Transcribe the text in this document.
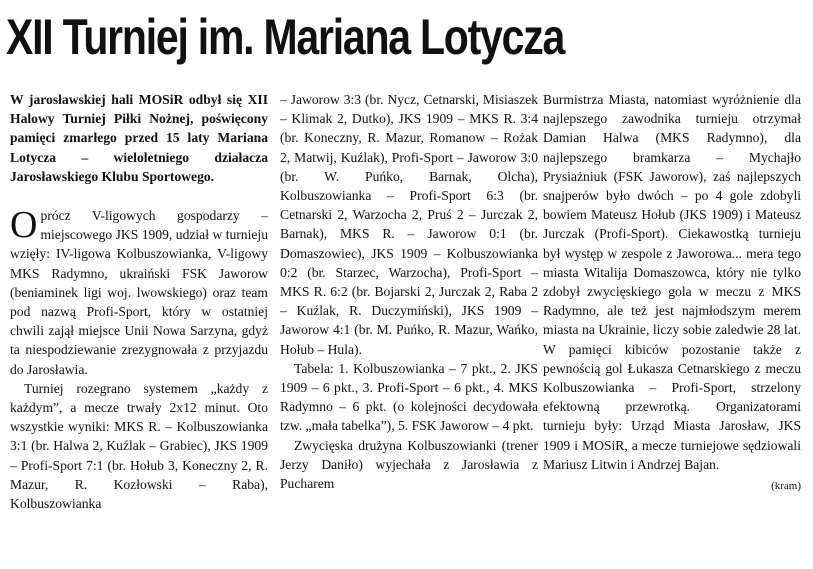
XII Turniej im. Mariana Lotycza

W jarosławskiej hali MOSiR odbył się XII Halowy Turniej Piłki Nożnej, poświęcony pamięci zmarłego przed 15 laty Mariana Lotycza – wieloletniego działacza Jarosławskiego Klubu Sportowego.

Oprócz V-ligowych gospodarzy – miejscowego JKS 1909, udział w turnieju wzięły: IV-ligowa Kolbuszowianka, V-ligowy MKS Radymno, ukraiński FSK Jaworow (beniaminek ligi woj. lwowskiego) oraz team pod nazwą Profi-Sport, który w ostatniej chwili zajął miejsce Unii Nowa Sarzyna, gdyż ta niespodziewanie zrezygnowała z przyjazdu do Jarosławia.

Turniej rozegrano systemem „każdy z każdym”, a mecze trwały 2x12 minut. Oto wszystkie wyniki: MKS R. – Kolbuszowianka 3:1 (br. Halwa 2, Kuźlak – Grabiec), JKS 1909 – Profi-Sport 7:1 (br. Hołub 3, Koneczny 2, R. Mazur, R. Kozłowski – Raba), Kolbuszowianka

– Jaworow 3:3 (br. Nycz, Cetnarski, Misiaszek – Klimak 2, Dutko), JKS 1909 – MKS R. 3:4 (br. Koneczny, R. Mazur, Romanow – Rożak 2, Matwij, Kuźlak), Profi-Sport – Jaworow 3:0 (br. W. Puńko, Barnak, Olcha), Kolbuszowianka – Profi-Sport 6:3 (br. Cetnarski 2, Warzocha 2, Pruś 2 – Jurczak 2, Barnak), MKS R. – Jaworow 0:1 (br. Domaszowiec), JKS 1909 – Kolbuszowianka 0:2 (br. Starzec, Warzocha), Profi-Sport – MKS R. 6:2 (br. Bojarski 2, Jurczak 2, Raba 2 – Kuźlak, R. Duczymiński), JKS 1909 – Jaworow 4:1 (br. M. Puńko, R. Mazur, Wańko, Hołub – Hula).

Tabela: 1. Kolbuszowianka – 7 pkt., 2. JKS 1909 – 6 pkt., 3. Profi-Sport – 6 pkt., 4. MKS Radymno – 6 pkt. (o kolejności decydowała tzw. „mała tabelka”), 5. FSK Jaworow – 4 pkt.

Zwycięska drużyna Kolbuszowianki (trener Jerzy Daniło) wyjechała z Jarosławia z Pucharem

Burmistrza Miasta, natomiast wyróżnienie dla najlepszego zawodnika turnieju otrzymał Damian Halwa (MKS Radymno), dla najlepszego bramkarza – Mychajło Prysiażniuk (FSK Jaworow), zaś najlepszych snajperów było dwóch – po 4 gole zdobyli bowiem Mateusz Hołub (JKS 1909) i Mateusz Jurczak (Profi-Sport). Ciekawostką turnieju był występ w zespole z Jaworowa... mera tego miasta Witalija Domaszowca, który nie tylko zdobył zwycięskiego gola w meczu z MKS Radymno, ale też jest najmłodszym merem miasta na Ukrainie, liczy sobie zaledwie 28 lat. W pamięci kibiców pozostanie także z pewnością gol Łukasza Cetnarskiego z meczu Kolbuszowianka – Profi-Sport, strzelony efektowną przewrotką. Organizatorami turnieju były: Urząd Miasta Jarosław, JKS 1909 i MOSiR, a mecze turniejowe sędziowali Mariusz Litwin i Andrzej Bajan.

(kram)
